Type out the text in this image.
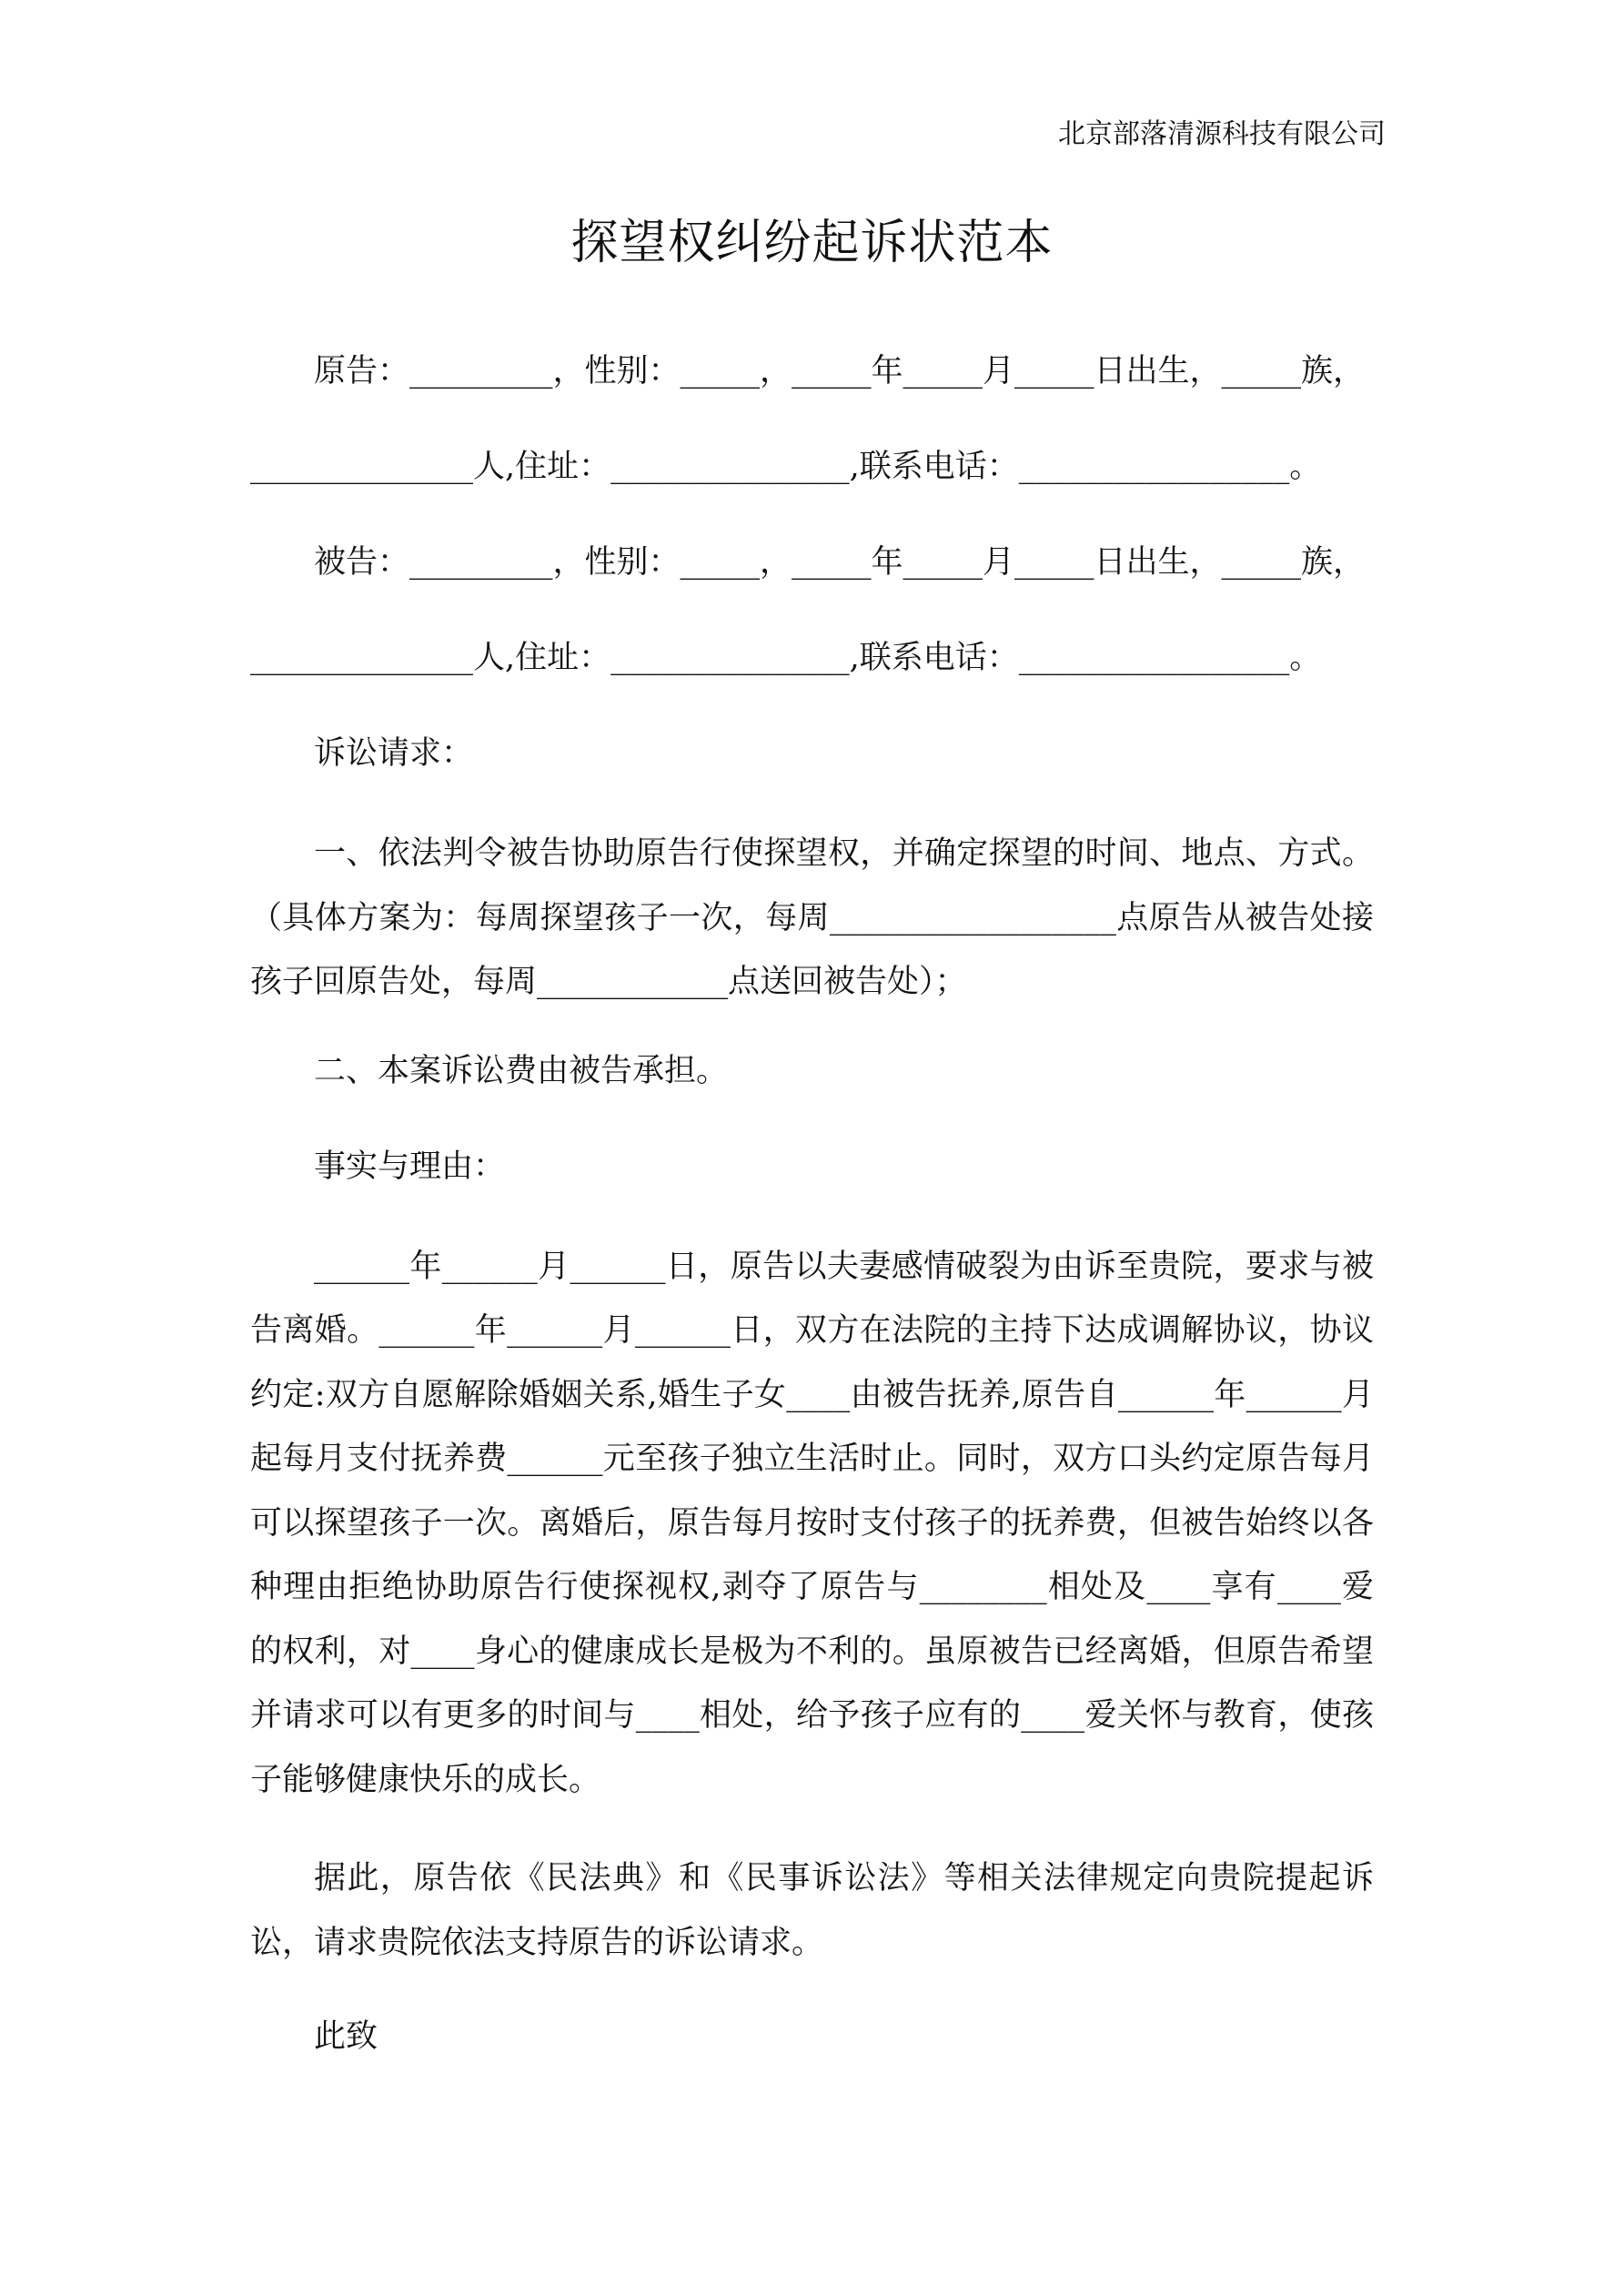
北京部落清源科技有限公司
探望权纠纷起诉状范本
原告：_________，性别：_____，_____年_____月_____日出生，_____族，
______________人,住址：_______________,联系电话：_________________。
被告：_________，性别：_____，_____年_____月_____日出生，_____族，
______________人,住址：_______________,联系电话：_________________。
诉讼请求：
一、依法判令被告协助原告行使探望权，并确定探望的时间、地点、方式。（具体方案为：每周探望孩子一次，每周__________________点原告从被告处接孩子回原告处，每周____________点送回被告处）；
二、本案诉讼费由被告承担。
事实与理由：
______年______月______日，原告以夫妻感情破裂为由诉至贵院，要求与被告离婚。______年______月______日，双方在法院的主持下达成调解协议，协议约定:双方自愿解除婚姻关系,婚生子女____由被告抚养,原告自______年______月起每月支付抚养费______元至孩子独立生活时止。同时，双方口头约定原告每月可以探望孩子一次。离婚后，原告每月按时支付孩子的抚养费，但被告始终以各种理由拒绝协助原告行使探视权,剥夺了原告与________相处及____享有____爱的权利，对____身心的健康成长是极为不利的。虽原被告已经离婚，但原告希望并请求可以有更多的时间与____相处，给予孩子应有的____爱关怀与教育，使孩子能够健康快乐的成长。
据此，原告依《民法典》和《民事诉讼法》等相关法律规定向贵院提起诉讼，请求贵院依法支持原告的诉讼请求。
此致
